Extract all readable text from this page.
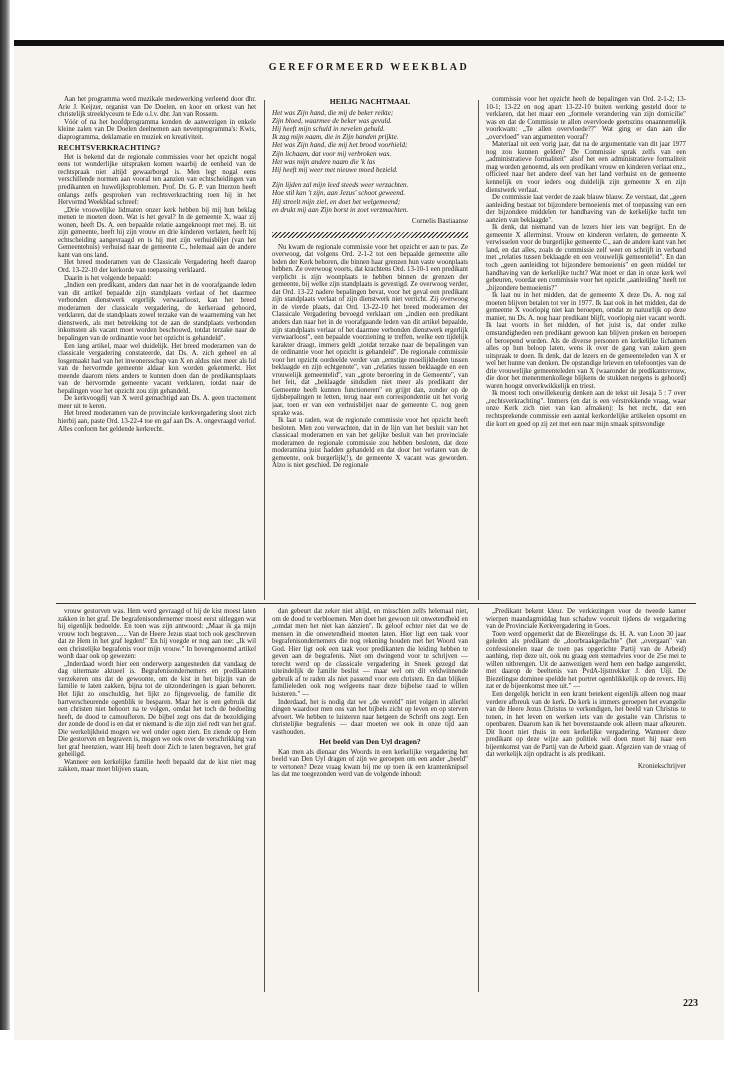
GEREFORMEERD WEEKBLAD

Aan het programma werd muzikale medewerking verleend door dhr. Arie J. Keijzer, organist van De Doelen, en koor en orkest van het christelijk streeklyceum te Ede o.l.v. dhr. Jan van Rossem.

Vóór of na het hoofdprogramma konden de aanwezigen in enkele kleine zalen van De Doelen deelnemen aan nevenprogramma's: Kwis, diaprogramma, deklamatie en muziek en kreativiteit.

RECHTSVERKRACHTING?

Het is bekend dat de regionale commissies voor het opzicht nogal eens tot wonderlijke uitspraken komen waarbij de eenheid van de rechtspraak niet altijd gewaarborgd is. Men legt nogal eens verschillende normen aan vooral ten aanzien van echtscheidingen van predikanten en huwelijksproblemen. Prof. Dr. G. P. van Itterzon heeft onlangs zelfs gesproken van rechtsverkrachting toen hij in het Hervormd Weekblad schreef:

„Drie vrouwelijke lidmaten onzer kerk hebben bij mij hun beklag menen te moeten doen. Wat is het geval? In de gemeente X, waar zij wonen, heeft Ds. A. een bepaalde relatie aangeknoopt met mej. B. uit zijn gemeente, heeft hij zijn vrouw en drie kinderen verlaten, heeft hij echtscheiding aangevraagd en is hij met zijn verhuisbiljet (van het Gemeentehuis) verhuisd naar de gemeente C., helemaal aan de andere kant van ons land.

Het breed moderamen van de Classicale Vergadering heeft daarop Ord. 13-22-10 der kerkorde van toepassing verklaard.

Daarin is het volgende bepaald:

„Indien een predikant, anders dan naar het in de voorafgaande leden van dit artikel bepaalde zijn standplaats verlaat of het daarmee verbonden dienstwerk ergerlijk verwaarloost, kan het breed moderamen der classicale vergadering, de kerkeraad gehoord, verklaren, dat de standplaats zowel terzake van de waarneming van het dienstwerk, als met betrekking tot de aan de standplaats verbonden inkomsten als vacant moet worden beschouwd, totdat terzake naar de bepalingen van de ordinantie voor het opzicht is gehandeld".

Een lang artikel, maar wel duidelijk. Het breed moderamen van de classicale vergadering constateerde, dat Ds. A. zich geheel en al losgemaakt had van het inwonersschap van X en aldus niet meer als lid van de hervormde gemeente aldaar kon worden gekenmerkt. Het meende daarom niets anders te kunnen doen dan de predikantsplaats van de hervormde gemeente vacant verklaren, totdat naar de bepalingen voor het opzicht zou zijn gehandeld.

De kerkvoogdij van X werd gemachtigd aan Ds. A. geen tractement meer uit te keren.

Het breed moderamen van de provinciale kerkvergadering sloot zich hierbij aan, paste Ord. 13-22-4 toe en gaf aan Ds. A. ongevraagd verlof. Alles conform het geldende kerkrecht.

HEILIG NACHTMAAL

Het was Zijn hand, die mij de beker reikte;

Zijn bloed, waarmee de beker was gevuld.

Hij heeft mijn schuld in nevelen gehuld.

Ik zag mijn naam, die in Zijn handen prijkte.

Het was Zijn hand, die mij het brood voorhield;

Zijn lichaam, dat voor mij verbroken was.

Het was mijn andere naam die 'k las

Hij heeft mij weer met nieuwe moed bezield.

Zijn lijden zal mijn leed steeds weer verzachten.

Hoe stil kan 't zijn, aan Jezus' schoot geweend.

Hij streelt mijn ziel, en doet het welgemeend;

en drukt mij aan Zijn borst in zoet verzmachten.

Cornelis Bastiaanse

Nu kwam de regionale commissie voor het opzicht er aan te pas. Ze overwoog, dat volgens Ord. 2-1-2 tot een bepaalde gemeente alle leden der Kerk behoren, die binnen haar grenzen hun vaste woonplaats hebben. Ze overwoog voorts, dat krachtens Ord. 13-10-1 een predikant verplicht is zijn woonplaats te hebben binnen de grenzen der gemeente, bij welke zijn standplaats is gevestigd. Ze overwoog verder, dat Ord. 13-22 nadere bepalingen bevat, voor het geval een predikant zijn standplaats verlaat of zijn dienstwerk niet verricht. Zij overwoog in de vierde plaats, dat Ord. 13-22-10 het breed moderamen der Classicale Vergadering bevoegd verklaart om „indien een predikant anders dan naar het in de voorafgaande leden van dit artikel bepaalde, zijn standplaats verlaat of het daarmee verbonden dienstwerk ergerlijk verwaarloost", een bepaalde voorziening te treffen, welke een tijdelijk karakter draagt, immers geldt „totdat terzake naar de bepalingen van de ordinantie voor het opzicht is gehandeld". De regionale commissie voor het opzicht oordeelde verder van „ernstige moeilijkheden tussen beklaagde en zijn echtgenote", van „relaties tussen beklaagde en een vrouwelijk gemeentelid", van „grote beroering in de Gemeente", van het feit, dat „beklaagde sindsdien niet meer als predikant der Gemeente heeft kunnen functioneren" en grijpt dan, zonder op de tijdsbepalingen te letten, terug naar een correspondentie uit het vorig jaar, toen er van een verhuisbiljet naar de gemeente C. nog geen sprake was.

Ik laat u raden, wat de regionale commissie voor het opzicht heeft besloten. Men zou verwachten, dat in de lijn van het besluit van het classicaal moderamen en van het gelijke besluit van het provinciale moderamen de regionale commissie zou hebben besloten, dat deze moderamina juist hadden gehandeld en dat door het verlaten van de gemeente, ook burgerlijk(!), de gemeente X vacant was geworden. Alzo is niet geschied. De regionale

commissie voor het opzicht heeft de bepalingen van Ord. 2-1-2; 13-10-1; 13-22 en nog apart 13-22-10 buiten werking gesteld door te verklaren, dat het maar een „formele verandering van zijn domicilie" was en dat de Commissie te allen overvloede geenszins onaannemelijk voorkwam: „Te allen overvloede??" Wat ging er dan aan die „overvloed" van argumenten vooraf?

Materiaal uit een vorig jaar, dat na de argumentatie van dit jaar 1977 nog zou kunnen gelden? De Commissie sprak zelfs van een „administratieve formaliteit" alsof het een administratieve formaliteit mag worden genoemd, als een predikant vrouw en kinderen verlaat enz., officieel naar het andere deel van het land verhuist en de gemeente kennelijk en voor ieders oog duidelijk zijn gemeente X en zijn dienstwerk verlaat.

De commissie laat verder de zaak blauw blauw. Ze verstaat, dat „geen aanleiding bestaat tot bijzondere bemoeienis met of toepassing van een der bijzondere middelen ter handhaving van de kerkelijke tucht ten aanzien van beklaagde".

Ik denk, dat niemand van de lezers hier iets van begrijpt. En de gemeente X allerminst. Vrouw en kinderen verlaten, de gemeente X verwisselen voor de burgerlijke gemeente C., aan de andere kant van het land, en dat alles, zoals de commissie zelf weet en schrijft in verband met „relaties tussen beklaagde en een vrouwelijk gemeentelid". En dan toch „geen aanleiding tot bijzondere bemoeienis" en geen middel ter handhaving van de kerkelijke tucht? Wat moet er dan in onze kerk wel gebeuren, voordat een commissie voor het opzicht „aanleiding" heeft tot „bijzondere bemoeienis?"

Ik laat nu in het midden, dat de gemeente X deze Ds. A. nog zal moeten blijven betalen tot ver in 1977. Ik laat ook in het midden, dat de gemeente X voorlopig niet kan beroepen, omdat ze natuurlijk op deze manier, nu Ds. A. nog haar predikant blijft, voorlopig niet vacant wordt. Ik laat voorts in het midden, of het juist is, dat onder zulke omstandigheden een predikant gewoon kan blijven preken en beroepen of beroepend worden. Als de diverse personen en kerkelijke lichamen alles op hun beloop laten, wens ik over de gang van zaken geen uitspraak te doen. Ik denk, dat de lezers en de gemeenteleden van X er wel het hunne van denken. De opstandige brieven en telefoontjes van de drie vrouwelijke gemeenteleden van X (waaronder de predikantsvrouw, die door het menenmenkollege blijkens de stukken nergens is gehoord) waren hoogst onverkwikkelijk en triest.

Ik moest toch onwillekeurig denken aan de tekst uit Jesaja 5 : 7 over „rechtsverkrachting". Immers (en dat is een vérstrekkende vraag, waar onze Kerk zich niet van kan afmaken): Is het recht, dat een rechtsprekende commissie een aantal kerkordelijke artikelen opsomt en die kort en goed op zij zet met een naar mijn smaak spitsvondige

vrouw gestorven was. Hem werd gevraagd of hij de kist moest laten zakken in het graf. De begrafenisondernemer moest eerst uitleggen wat hij eigenlijk bedoelde. En toen was zijn antwoord: „Maar ik ga mijn vrouw toch begraven...... Van de Heere Jezus staat toch ook geschreven dat ze Hem in het graf legden!" En hij voegde er nog aan toe: „Ik wil een christelijke begrafenis voor mijn vrouw." In bovengenoemd artikel wordt daar ook op gewezen:

„Inderdaad wordt hier een onderwerp aangesneden dat vandaag de dag uitermate aktueel is. Begrafenisondernemers en predikanten verzekeren ons dat de gewoonte, om de kist in het bijzijn van de familie te laten zakken, bijna tot de uitzonderingen is gaan behoren. Het lijkt zo onschuldig, het lijkt zo fijngevoelig, de familie dit hartverscheurende ogenblik te besparen. Maar het is een gebruik dat een christen niet behoort na te volgen, omdat het toch de bedoeling heeft, de dood te camoufleren. De bijbel zegt ons dat de bezoldiging der zonde de dood is en dat er niemand is die zijn ziel redt van het graf. Die werkelijkheid mogen we wel onder ogen zien. En ziende op Hem Die gestorven en begraven is, mogen we ook over de verschrikking van het graf heenzien, want Hij heeft door Zich te laten begraven, het graf geheiligd.

Wanneer een kerkelijke familie heeft bepaald dat de kist niet mag zakken, maar moet blijven staan,

dan gebeurt dat zeker niet altijd, en misschien zelfs helemaal niet, om de dood te verbloemen. Men doet het gewoon uit onwetendheid en „omdat men het niet kan áánzien". Ik geloof echter niet dat we de mensen in die onwetendheid moeten laten. Hier ligt een taak voor begrafenisondernemers die nog rekening houden met het Woord van God. Hier ligt ook een taak voor predikanten die leiding hebben te geven aan de begrafenis. Niet om dwingend voor te schrijven — terecht werd op de classicale vergadering in Sneek gezegd dat uiteindelijk de familie beslist — maar wel om dit veldwinnende gebruik af te raden als niet passend voor een christen. En dan blijken familieleden ook nog welgeens naar deze bijbelse raad te willen luisteren." —

Inderdaad, het is nodig dat we „de wereld" niet volgen in allerlei dingen waardoor men ons van het bijbels zicht op leven en op sterven afvoert. We hebben te luisteren naar hetgeen de Schrift ons zegt. Een christelijke begrafenis — daar moeten we ook in onze tijd aan vasthouden.

Het beeld van Den Uyl dragen?

Kan men als dienaar des Woords in een kerkelijke vergadering het beeld van Den Uyl dragen of zijn we geroepen om een ander „beeld" te vertonen? Deze vraag kwam bij me op toen ik een krantenknipsel las dat me toegezonden werd van de volgende inhoud:

„Predikant bekent kleur. De verkiezingen voor de tweede kamer wierpen maandagmiddag hun schaduw vooruit tijdens de vergadering van de Provinciale Kerkvergadering in Goes.

Toen werd opgemerkt dat de Biezelingse ds. H. A. van Loon 30 jaar geleden als predikant de „doorbraakgedachte" (het „overgaan" van confessionelen naar de toen pas opgerichte Partij van de Arbeid) aanhing, riep deze uit, ook nu graag een stemadvies voor de 25e mei te willen uitbrengen. Uit de aanwezigen werd hem een badge aangereikt, met daarop de beeltenis van PvdA-lijsttrekker J. den Uijl. De Biezelingse dominee speldde het portret ogenblikkelijk op de revers. Hij zat er de bijeenkomst mee uit." —

Een dergelijk bericht in een krant betekent eigenlijk alleen nog maar verdere afbreuk van de kerk. De kerk is immers geroepen het evangelie van de Heere Jezus Christus te verkondigen, het beeld van Christus te tonen, in het leven en werken iets van de gestalte van Christus te openbaren. Daarom kan ik het bovenstaande ook alleen maar afkeuren. Dit hoort niet thuis in een kerkelijke vergadering. Wanneer deze predikant op deze wijze aan politiek wil doen moet hij naar een bijeenkomst van de Partij van de Arbeid gaan. Afgezien van de vraag of dat werkelijk zijn opdracht is als predikant.

Kroniekschrijver
223
